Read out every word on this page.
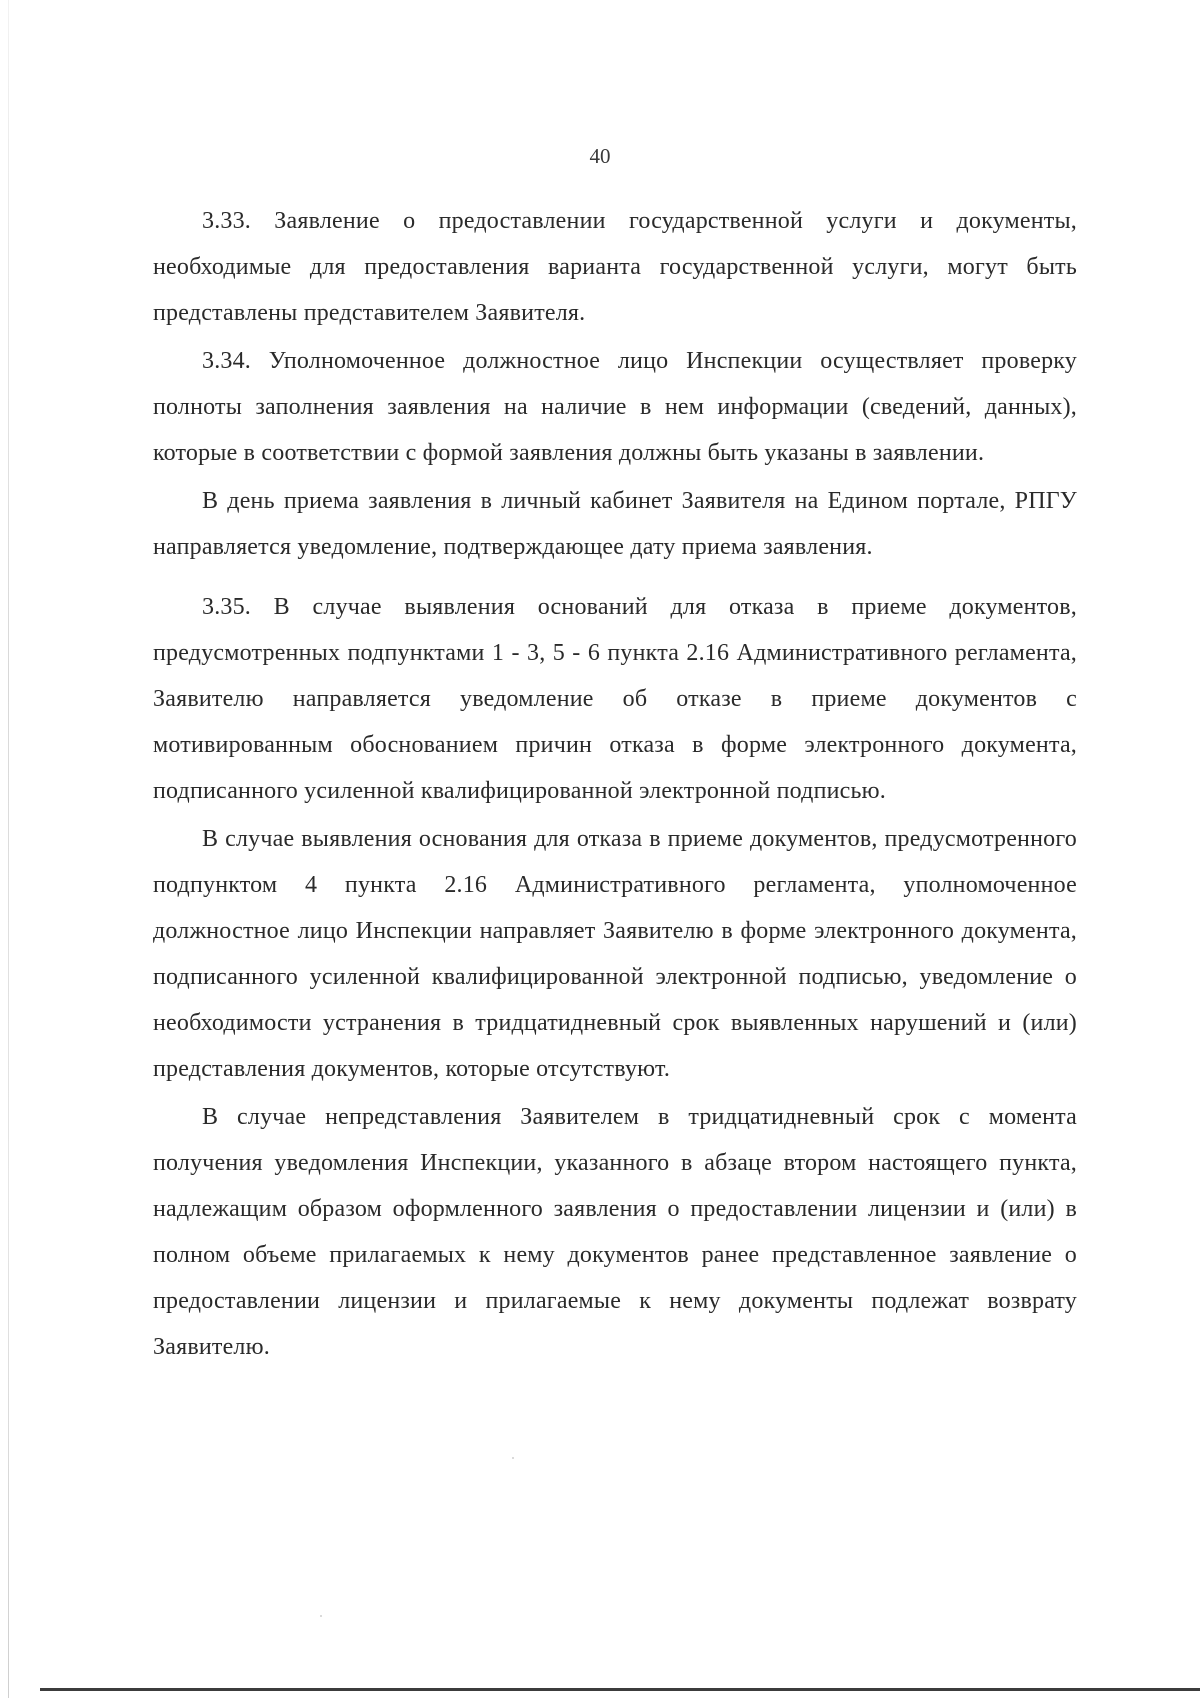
40

3.33. Заявление о предоставлении государственной услуги и документы, необходимые для предоставления варианта государственной услуги, могут быть представлены представителем Заявителя.

3.34. Уполномоченное должностное лицо Инспекции осуществляет проверку полноты заполнения заявления на наличие в нем информации (сведений, данных), которые в соответствии с формой заявления должны быть указаны в заявлении.

В день приема заявления в личный кабинет Заявителя на Едином портале, РПГУ направляется уведомление, подтверждающее дату приема заявления.

3.35. В случае выявления оснований для отказа в приеме документов, предусмотренных подпунктами 1 - 3, 5 - 6 пункта 2.16 Административного регламента, Заявителю направляется уведомление об отказе в приеме документов с мотивированным обоснованием причин отказа в форме электронного документа, подписанного усиленной квалифицированной электронной подписью.

В случае выявления основания для отказа в приеме документов, предусмотренного подпунктом 4 пункта 2.16 Административного регламента, уполномоченное должностное лицо Инспекции направляет Заявителю в форме электронного документа, подписанного усиленной квалифицированной электронной подписью, уведомление о необходимости устранения в тридцатидневный срок выявленных нарушений и (или) представления документов, которые отсутствуют.

В случае непредставления Заявителем в тридцатидневный срок с момента получения уведомления Инспекции, указанного в абзаце втором настоящего пункта, надлежащим образом оформленного заявления о предоставлении лицензии и (или) в полном объеме прилагаемых к нему документов ранее представленное заявление о предоставлении лицензии и прилагаемые к нему документы подлежат возврату Заявителю.
